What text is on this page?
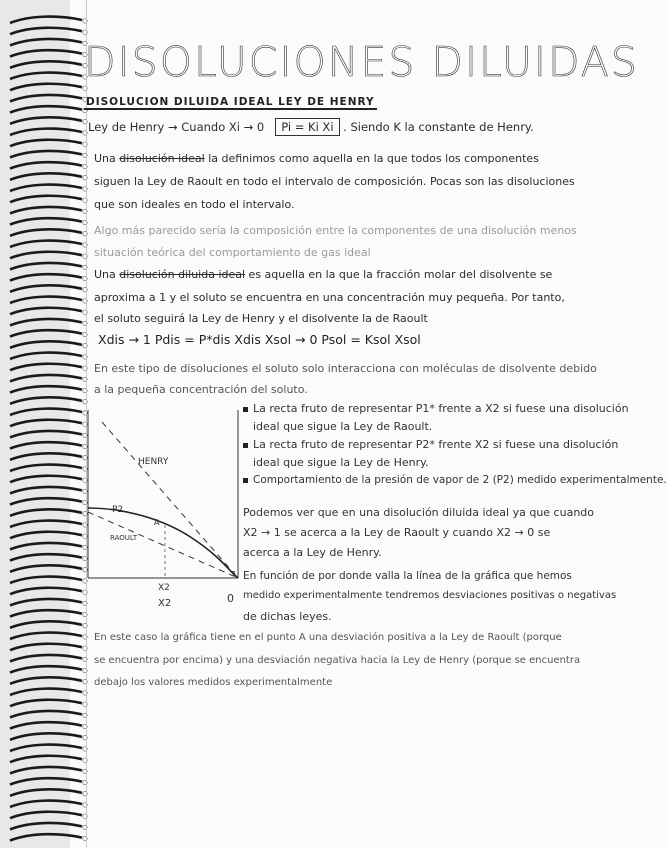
DISOLUCIONES DILUIDAS
DISOLUCION DILUIDA IDEAL LEY DE HENRY
Ley de Henry → Cuando Xi → 0 Pi = Ki Xi . Siendo K la constante de Henry.
Una disolución ideal la definimos como aquella en la que todos los componentes
siguen la Ley de Raoult en todo el intervalo de composición. Pocas son las disoluciones
que son ideales en todo el intervalo.
Algo más parecido sería la composición entre la componentes de una disolución menos
situación teórica del comportamiento de gas ideal
Una disolución diluida ideal es aquella en la que la fracción molar del disolvente se
aproxima a 1 y el soluto se encuentra en una concentración muy pequeña. Por tanto,
el soluto seguirá la Ley de Henry y el disolvente la de Raoult
Xdis → 1 Pdis = P*dis Xdis Xsol → 0 Psol = Ksol Xsol
En este tipo de disoluciones el soluto solo interacciona con moléculas de disolvente debido
a la pequeña concentración del soluto.
HENRY
P2
A
RAOULT
X2
X2	0
1
La recta fruto de representar P1* frente a X2 si fuese una disolución
ideal que sigue la Ley de Raoult.
La recta fruto de representar P2* frente X2 si fuese una disolución
ideal que sigue la Ley de Henry.
Comportamiento de la presión de vapor de 2 (P2) medido experimentalmente.
Podemos ver que en una disolución diluida ideal ya que cuando
X2 → 1 se acerca a la Ley de Raoult y cuando X2 → 0 se
acerca a la Ley de Henry.
En función de por donde valla la línea de la gráfica que hemos
medido experimentalmente tendremos desviaciones positivas o negativas
de dichas leyes.
En este caso la gráfica tiene en el punto A una desviación positiva a la Ley de Raoult (porque
se encuentra por encima) y una desviación negativa hacia la Ley de Henry (porque se encuentra
debajo los valores medidos experimentalmente
